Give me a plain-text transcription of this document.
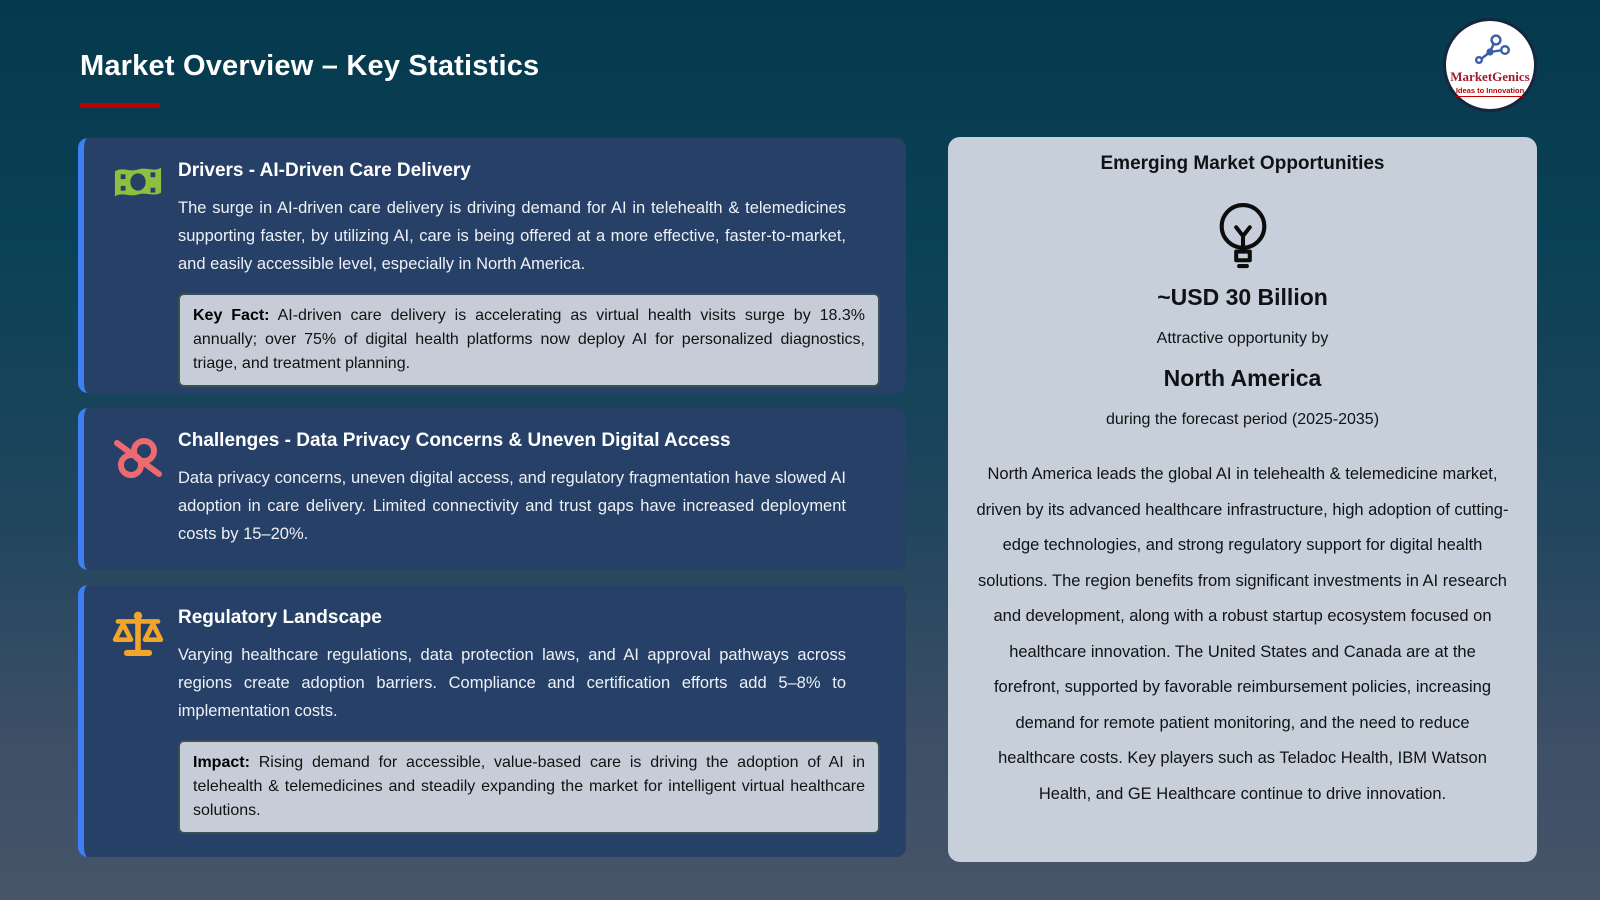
Market Overview – Key Statistics	MarketGenics
Ideas to Innovation
Drivers - AI-Driven Care Delivery

The surge in AI-driven care delivery is driving demand for AI in telehealth & telemedicines supporting faster, by utilizing AI, care is being offered at a more effective, faster-to-market, and easily accessible level, especially in North America.

Key Fact: AI-driven care delivery is accelerating as virtual health visits surge by 18.3% annually; over 75% of digital health platforms now deploy AI for personalized diagnostics, triage, and treatment planning.
Challenges - Data Privacy Concerns & Uneven Digital Access

Data privacy concerns, uneven digital access, and regulatory fragmentation have slowed AI adoption in care delivery. Limited connectivity and trust gaps have increased deployment costs by 15–20%.

Regulatory Landscape

Varying healthcare regulations, data protection laws, and AI approval pathways across regions create adoption barriers. Compliance and certification efforts add 5–8% to implementation costs.

Impact: Rising demand for accessible, value-based care is driving the adoption of AI in telehealth & telemedicines and steadily expanding the market for intelligent virtual healthcare solutions.
Emerging Market Opportunities
~USD 30 Billion
Attractive opportunity by
North America
during the forecast period (2025-2035)

North America leads the global AI in telehealth & telemedicine market, driven by its advanced healthcare infrastructure, high adoption of cutting-edge technologies, and strong regulatory support for digital health solutions. The region benefits from significant investments in AI research and development, along with a robust startup ecosystem focused on healthcare innovation. The United States and Canada are at the forefront, supported by favorable reimbursement policies, increasing demand for remote patient monitoring, and the need to reduce healthcare costs. Key players such as Teladoc Health, IBM Watson Health, and GE Healthcare continue to drive innovation.
